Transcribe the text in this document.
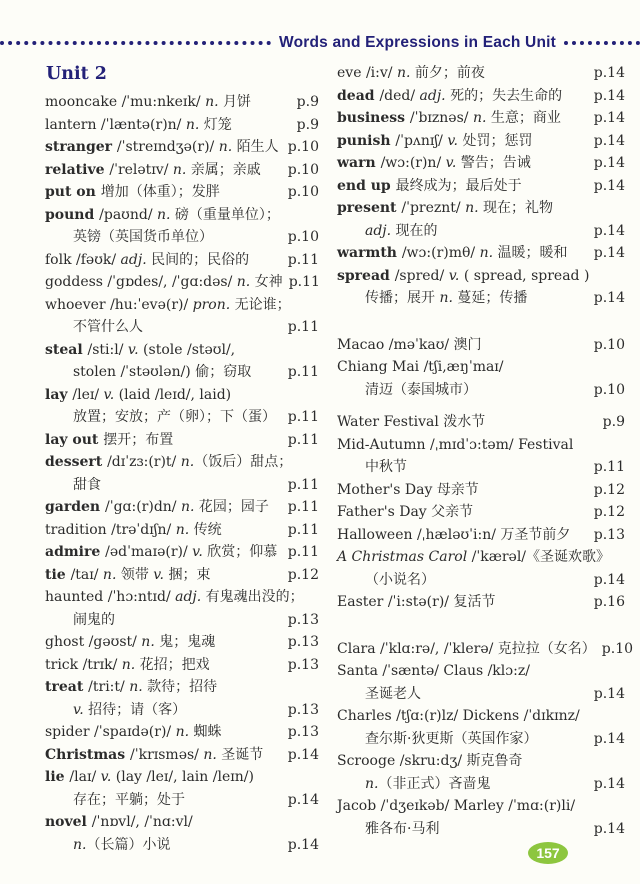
Words and Expressions in Each Unit
Unit 2
mooncake /ˈmu:nkeɪk/ n. 月饼	p.9
lantern /ˈlæntə(r)n/ n. 灯笼	p.9
stranger /ˈstreɪndʒə(r)/ n. 陌生人 p.10
relative /ˈrelətɪv/ n. 亲属；亲戚	p.10
put on 增加（体重）；发胖	p.10
pound /paʊnd/ n. 磅（重量单位）；
英镑（英国货币单位）	p.10
folk /fəʊk/ adj. 民间的；民俗的	p.11
goddess /ˈgɒdes/, /ˈgɑ:dəs/ n. 女神 p.11
whoever /hu:ˈevə(r)/ pron. 无论谁；
不管什么人	p.11
steal /sti:l/ v. (stole /stəʊl/,
stolen /ˈstəʊlən/) 偷；窃取	p.11
lay /leɪ/ v. (laid /leɪd/, laid)
放置；安放；产（卵）；下（蛋） p.11
lay out 摆开；布置	p.11
dessert /dɪˈzɜ:(r)t/ n.（饭后）甜点；
甜食	p.11
garden /ˈgɑ:(r)dn/ n. 花园；园子	p.11
tradition /trəˈdɪʃn/ n. 传统	p.11
admire /ədˈmaɪə(r)/ v. 欣赏；仰慕 p.11
tie /taɪ/ n. 领带 v. 捆；束	p.12
haunted /ˈhɔ:ntɪd/ adj. 有鬼魂出没的；
闹鬼的	p.13
ghost /gəʊst/ n. 鬼；鬼魂	p.13
trick /trɪk/ n. 花招；把戏	p.13
treat /tri:t/ n. 款待；招待
v. 招待；请（客）	p.13
spider /ˈspaɪdə(r)/ n. 蜘蛛	p.13
Christmas /ˈkrɪsməs/ n. 圣诞节	p.14
lie /laɪ/ v. (lay /leɪ/, lain /leɪn/)
存在；平躺；处于	p.14
novel /ˈnɒvl/, /ˈnɑ:vl/
n.（长篇）小说	p.14
eve /i:v/ n. 前夕；前夜	p.14
dead /ded/ adj. 死的；失去生命的	p.14
business /ˈbɪznəs/ n. 生意；商业	p.14
punish /ˈpʌnɪʃ/ v. 处罚；惩罚	p.14
warn /wɔ:(r)n/ v. 警告；告诫	p.14
end up 最终成为；最后处于	p.14
present /ˈpreznt/ n. 现在；礼物
adj. 现在的	p.14
warmth /wɔ:(r)mθ/ n. 温暖；暖和	p.14
spread /spred/ v. ( spread, spread )
传播；展开 n. 蔓延；传播	p.14
Macao /məˈkaʊ/ 澳门	p.10
Chiang Mai /tʃi,æŋˈmaɪ/
清迈（泰国城市）	p.10
Water Festival 泼水节	p.9
Mid-Autumn /ˌmɪdˈɔ:təm/ Festival
中秋节	p.11
Mother's Day 母亲节	p.12
Father's Day 父亲节	p.12
Halloween /ˌhæləʊˈi:n/ 万圣节前夕	p.13
A Christmas Carol /ˈkærəl/《圣诞欢歌》
（小说名）	p.14
Easter /ˈi:stə(r)/ 复活节	p.16
Clara /ˈklɑ:rə/, /ˈklerə/ 克拉拉（女名） p.10
Santa /ˈsæntə/ Claus /klɔ:z/
圣诞老人	p.14
Charles /tʃɑ:(r)lz/ Dickens /ˈdɪkɪnz/
查尔斯·狄更斯（英国作家）	p.14
Scrooge /skru:dʒ/ 斯克鲁奇
n.（非正式）吝啬鬼	p.14
Jacob /ˈdʒeɪkəb/ Marley /ˈmɑ:(r)li/
雅各布·马利	p.14
157
